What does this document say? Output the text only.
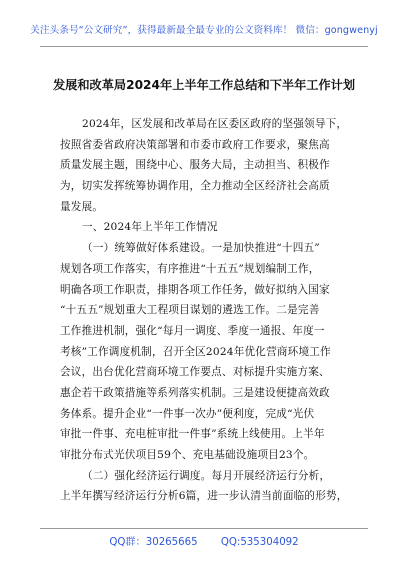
关注头条号“公文研究”，获得最新最全最专业的公文资料库！ 微信：gongwenyj
发展和改革局2024年上半年工作总结和下半年工作计划
2024年，区发展和改革局在区委区政府的坚强领导下，
按照省委省政府决策部署和市委市政府工作要求，聚焦高
质量发展主题，围绕中心、服务大局，主动担当、积极作
为，切实发挥统筹协调作用，全力推动全区经济社会高质
量发展。
一、2024年上半年工作情况
（一）统筹做好体系建设。一是加快推进“十四五”
规划各项工作落实，有序推进“十五五”规划编制工作，
明确各项工作职责，排期各项工作任务，做好拟纳入国家
“十五五”规划重大工程项目谋划的遴选工作。二是完善
工作推进机制，强化“每月一调度、季度一通报、年度一
考核”工作调度机制，召开全区2024年优化营商环境工作
会议，出台优化营商环境工作要点、对标提升实施方案、
惠企若干政策措施等系列落实机制。三是建设便捷高效政
务体系。提升企业“一件事一次办”便利度，完成“光伏
审批一件事、充电桩审批一件事”系统上线使用。上半年
审批分布式光伏项目59个、充电基础设施项目23个。
（二）强化经济运行调度。每月开展经济运行分析，
上半年撰写经济运行分析6篇，进一步认清当前面临的形势，
QQ群：30265665 QQ:535304092
